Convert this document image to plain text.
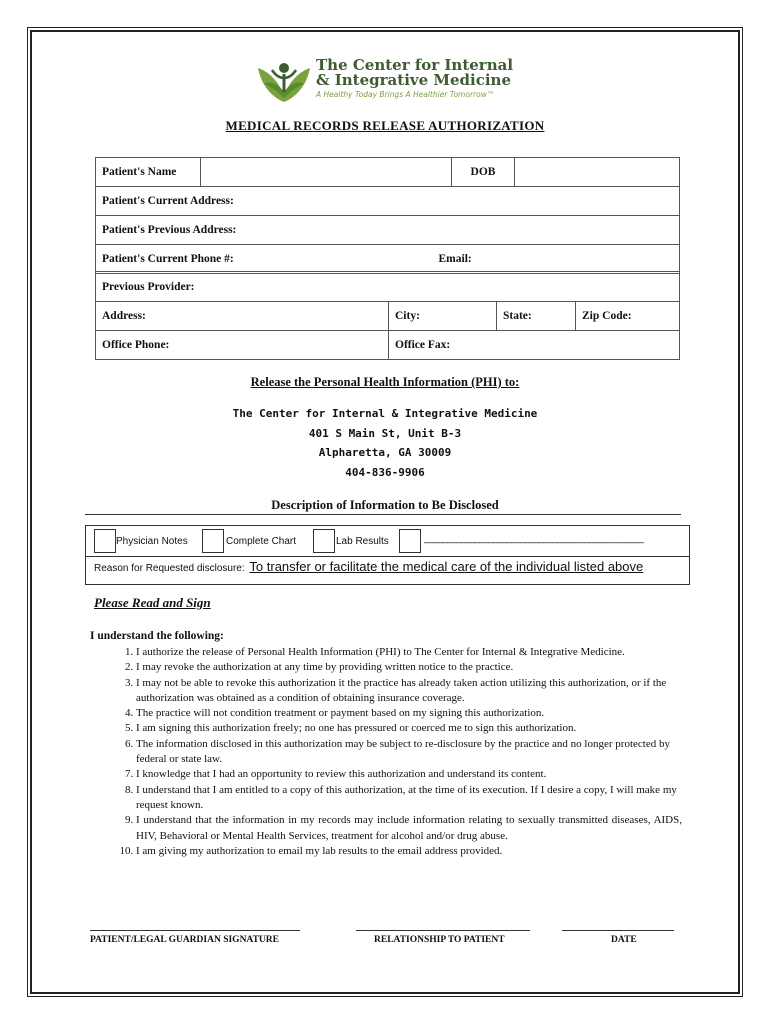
The Center for Internal
& Integrative Medicine
A Healthy Today Brings A Healthier Tomorrow™
MEDICAL RECORDS RELEASE AUTHORIZATION
Patient's Name		DOB	
Patient's Current Address:
Patient's Previous Address:
Patient's Current Phone #:	Email:
Previous Provider:			
Address:	City:	State:	Zip Code:
Office Phone:	Office Fax:		
Release the Personal Health Information (PHI) to:
The Center for Internal & Integrative Medicine
401 S Main St, Unit B-3
Alpharetta, GA 30009
404-836-9906
Description of Information to Be Disclosed
Physician Notes	Complete Chart	Lab Results	________________________________________________
Reason for Requested disclosure: To transfer or facilitate the medical care of the individual listed above
Please Read and Sign
I understand the following:
1. I authorize the release of Personal Health Information (PHI) to The Center for Internal & Integrative Medicine.
2. I may revoke the authorization at any time by providing written notice to the practice.
3. I may not be able to revoke this authorization it the practice has already taken action utilizing this authorization, or if the authorization was obtained as a condition of obtaining insurance coverage.
4. The practice will not condition treatment or payment based on my signing this authorization.
5. I am signing this authorization freely; no one has pressured or coerced me to sign this authorization.
6. The information disclosed in this authorization may be subject to re-disclosure by the practice and no longer protected by federal or state law.
7. I knowledge that I had an opportunity to review this authorization and understand its content.
8. I understand that I am entitled to a copy of this authorization, at the time of its execution. If I desire a copy, I will make my request known.
9. I understand that the information in my records may include information relating to sexually transmitted diseases, AIDS, HIV, Behavioral or Mental Health Services, treatment for alcohol and/or drug abuse.
10. I am giving my authorization to email my lab results to the email address provided.
PATIENT/LEGAL GUARDIAN SIGNATURE	RELATIONSHIP TO PATIENT	DATE
